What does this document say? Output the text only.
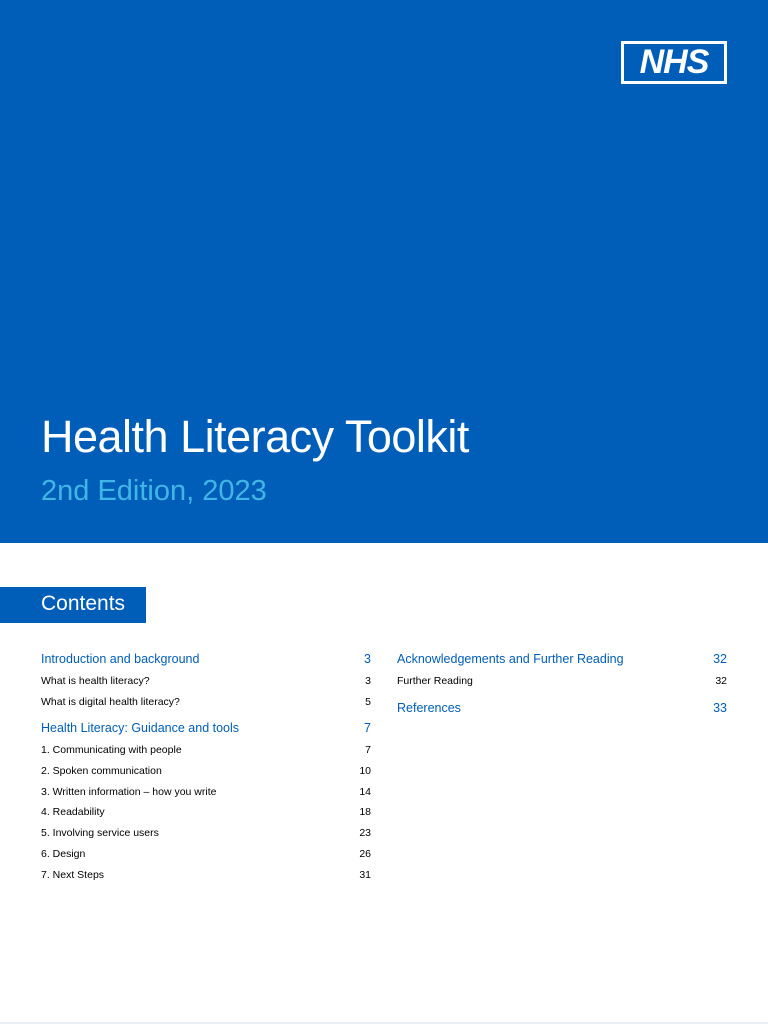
NHS
Health Literacy Toolkit
2nd Edition, 2023
Contents
Introduction and background	3
What is health literacy?	3
What is digital health literacy?	5
Health Literacy: Guidance and tools	7
1. Communicating with people	7
2. Spoken communication	10
3. Written information – how you write	14
4. Readability	18
5. Involving service users	23
6. Design	26
7. Next Steps	31
Acknowledgements and Further Reading	32
Further Reading	32
References	33
